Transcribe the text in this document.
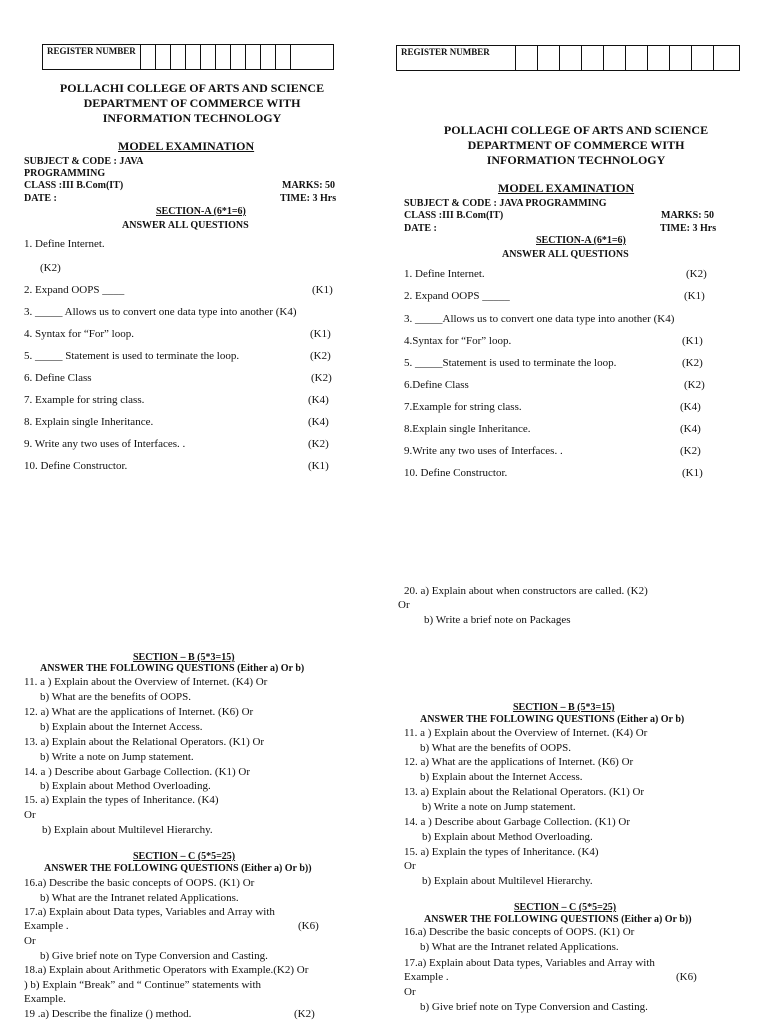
REGISTER NUMBER
POLLACHI COLLEGE OF ARTS AND SCIENCE
DEPARTMENT OF COMMERCE WITH
INFORMATION TECHNOLOGY
MODEL EXAMINATION
SUBJECT & CODE : JAVA
PROGRAMMING
CLASS :III B.Com(IT)	MARKS: 50
DATE :	TIME: 3 Hrs
SECTION-A (6*1=6)
ANSWER ALL QUESTIONS
1. Define Internet.
(K2)
2. Expand OOPS ____	(K1)
3. _____ Allows us to convert one data type into another (K4)
4. Syntax for “For” loop.	(K1)
5. _____ Statement is used to terminate the loop.	(K2)
6. Define Class	(K2)
7. Example for string class.	(K4)
8. Explain single Inheritance.	(K4)
9. Write any two uses of Interfaces. .	(K2)
10. Define Constructor.	(K1)
SECTION – B (5*3=15)
ANSWER THE FOLLOWING QUESTIONS (Either a) Or b)
11. a ) Explain about the Overview of Internet. (K4) Or
b) What are the benefits of OOPS.
12. a) What are the applications of Internet. (K6) Or
b) Explain about the Internet Access.
13. a) Explain about the Relational Operators. (K1) Or
b) Write a note on Jump statement.
14. a ) Describe about Garbage Collection. (K1) Or
b) Explain about Method Overloading.
15. a) Explain the types of Inheritance. (K4)
Or
b) Explain about Multilevel Hierarchy.
SECTION – C (5*5=25)
ANSWER THE FOLLOWING QUESTIONS (Either a) Or b))
16.a) Describe the basic concepts of OOPS. (K1) Or
b) What are the Intranet related Applications.
17.a) Explain about Data types, Variables and Array with
Example .	(K6)
Or
b) Give brief note on Type Conversion and Casting.
18.a) Explain about Arithmetic Operators with Example.(K2) Or
) b) Explain “Break” and “ Continue” statements with
Example.
19 .a) Describe the finalize () method.	(K2)
REGISTER NUMBER
POLLACHI COLLEGE OF ARTS AND SCIENCE
DEPARTMENT OF COMMERCE WITH
INFORMATION TECHNOLOGY
MODEL EXAMINATION
SUBJECT & CODE : JAVA PROGRAMMING
CLASS :III B.Com(IT)	MARKS: 50
DATE :	TIME: 3 Hrs
SECTION-A (6*1=6)
ANSWER ALL QUESTIONS
1. Define Internet.	(K2)
2. Expand OOPS _____	(K1)
3. _____Allows us to convert one data type into another (K4)
4.Syntax for “For” loop.	(K1)
5. _____Statement is used to terminate the loop.	(K2)
6.Define Class	(K2)
7.Example for string class.	(K4)
8.Explain single Inheritance.	(K4)
9.Write any two uses of Interfaces. .	(K2)
10. Define Constructor.	(K1)
20. a) Explain about when constructors are called. (K2)
Or
b) Write a brief note on Packages
SECTION – B (5*3=15)
ANSWER THE FOLLOWING QUESTIONS (Either a) Or b)
11. a ) Explain about the Overview of Internet. (K4) Or
b) What are the benefits of OOPS.
12. a) What are the applications of Internet. (K6) Or
b) Explain about the Internet Access.
13. a) Explain about the Relational Operators. (K1) Or
b) Write a note on Jump statement.
14. a ) Describe about Garbage Collection. (K1) Or
b) Explain about Method Overloading.
15. a) Explain the types of Inheritance. (K4)
Or
b) Explain about Multilevel Hierarchy.
SECTION – C (5*5=25)
ANSWER THE FOLLOWING QUESTIONS (Either a) Or b))
16.a) Describe the basic concepts of OOPS. (K1) Or
b) What are the Intranet related Applications.
17.a) Explain about Data types, Variables and Array with
Example .	(K6)
Or
b) Give brief note on Type Conversion and Casting.
